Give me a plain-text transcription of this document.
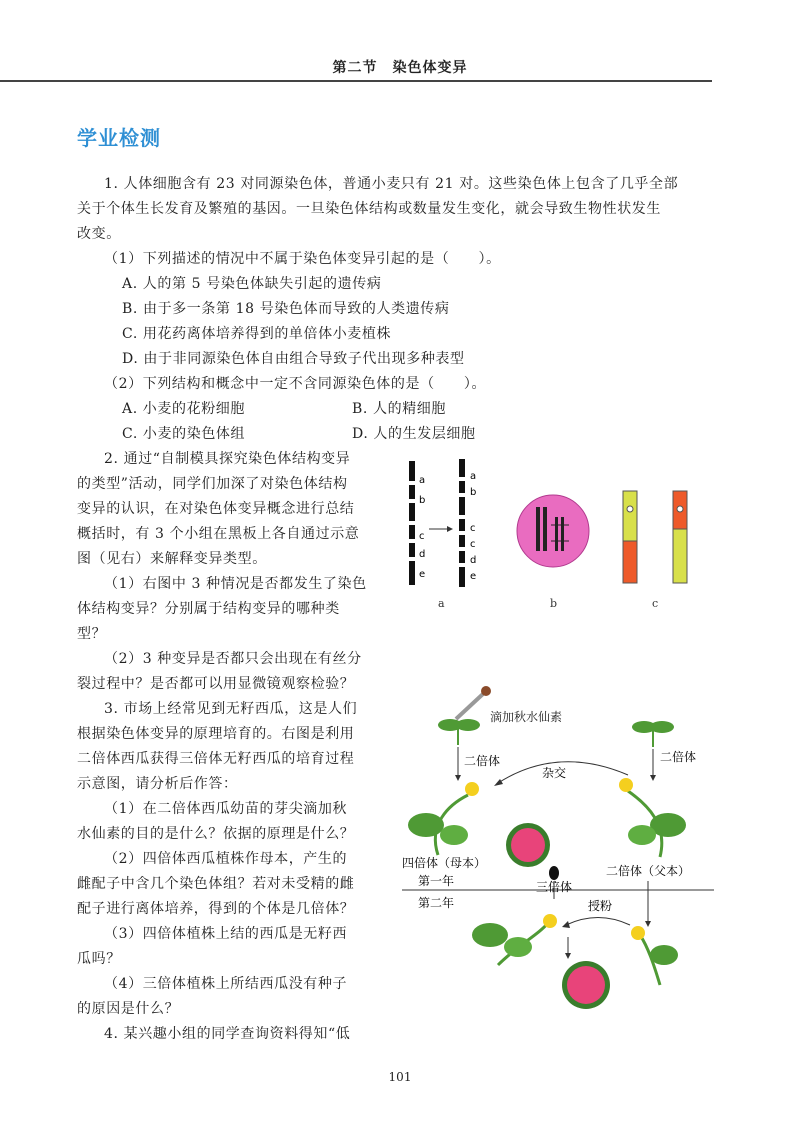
第二节　染色体变异
学业检测
1. 人体细胞含有 23 对同源染色体，普通小麦只有 21 对。这些染色体上包含了几乎全部
关于个体生长发育及繁殖的基因。一旦染色体结构或数量发生变化，就会导致生物性状发生
改变。
（1）下列描述的情况中不属于染色体变异引起的是（　　）。
A. 人的第 5 号染色体缺失引起的遗传病
B. 由于多一条第 18 号染色体而导致的人类遗传病
C. 用花药离体培养得到的单倍体小麦植株
D. 由于非同源染色体自由组合导致子代出现多种表型
（2）下列结构和概念中一定不含同源染色体的是（　　）。
A. 小麦的花粉细胞	B. 人的精细胞
C. 小麦的染色体组	D. 人的生发层细胞
2. 通过“自制模具探究染色体结构变异
的类型”活动，同学们加深了对染色体结构
变异的认识，在对染色体变异概念进行总结
概括时，有 3 个小组在黑板上各自通过示意
图（见右）来解释变异类型。
（1）右图中 3 种情况是否都发生了染色
体结构变异？分别属于结构变异的哪种类
型？
（2）3 种变异是否都只会出现在有丝分
裂过程中？是否都可以用显微镜观察检验？
3. 市场上经常见到无籽西瓜，这是人们
根据染色体变异的原理培育的。右图是利用
二倍体西瓜获得三倍体无籽西瓜的培育过程
示意图，请分析后作答：
（1）在二倍体西瓜幼苗的芽尖滴加秋
水仙素的目的是什么？依据的原理是什么？
（2）四倍体西瓜植株作母本，产生的
雌配子中含几个染色体组？若对未受精的雌
配子进行离体培养，得到的个体是几倍体？
（3）四倍体植株上结的西瓜是无籽西
瓜吗？
（4）三倍体植株上所结西瓜没有种子
的原因是什么？
4. 某兴趣小组的同学查询资料得知“低
a
b
c
d
e
a
b
c
c
d
e
a	b	c
滴加秋水仙素
二倍体	二倍体
杂交
四倍体（母本）
二倍体（父本）
第一年	三倍体
第二年	授粉
101
